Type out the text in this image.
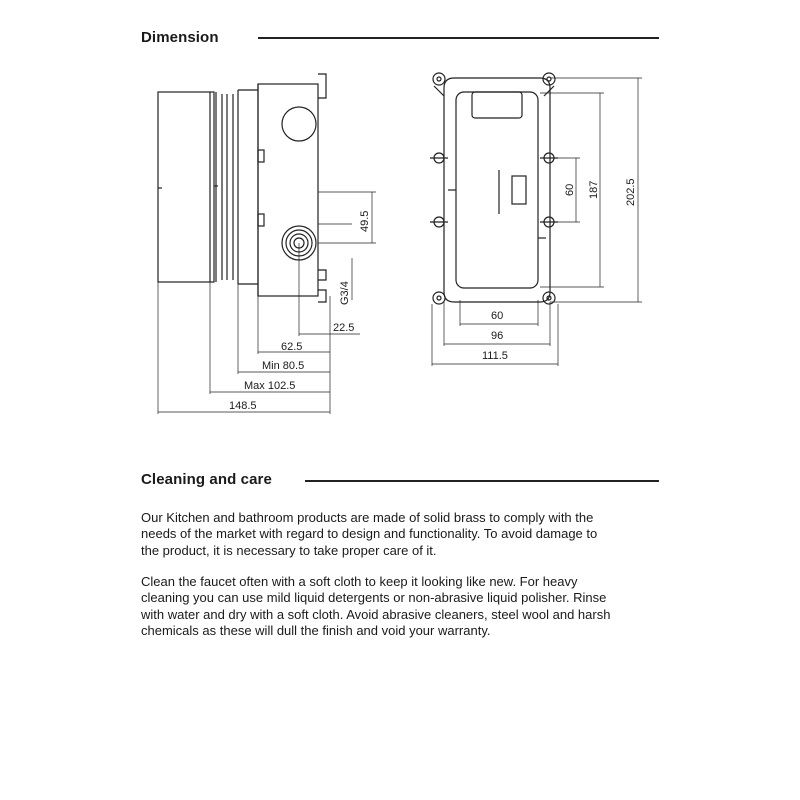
Dimension
62.5
Min 80.5
Max 102.5
148.5
22.5
49.5
G3/4
60
96
111.5
60 187 202.5
Cleaning and care
Our Kitchen and bathroom products are made of solid brass to comply with the
needs of the market with regard to design and functionality. To avoid damage to
the product, it is necessary to take proper care of it.
Clean the faucet often with a soft cloth to keep it looking like new. For heavy
cleaning you can use mild liquid detergents or non-abrasive liquid polisher. Rinse
with water and dry with a soft cloth. Avoid abrasive cleaners, steel wool and harsh
chemicals as these will dull the finish and void your warranty.
